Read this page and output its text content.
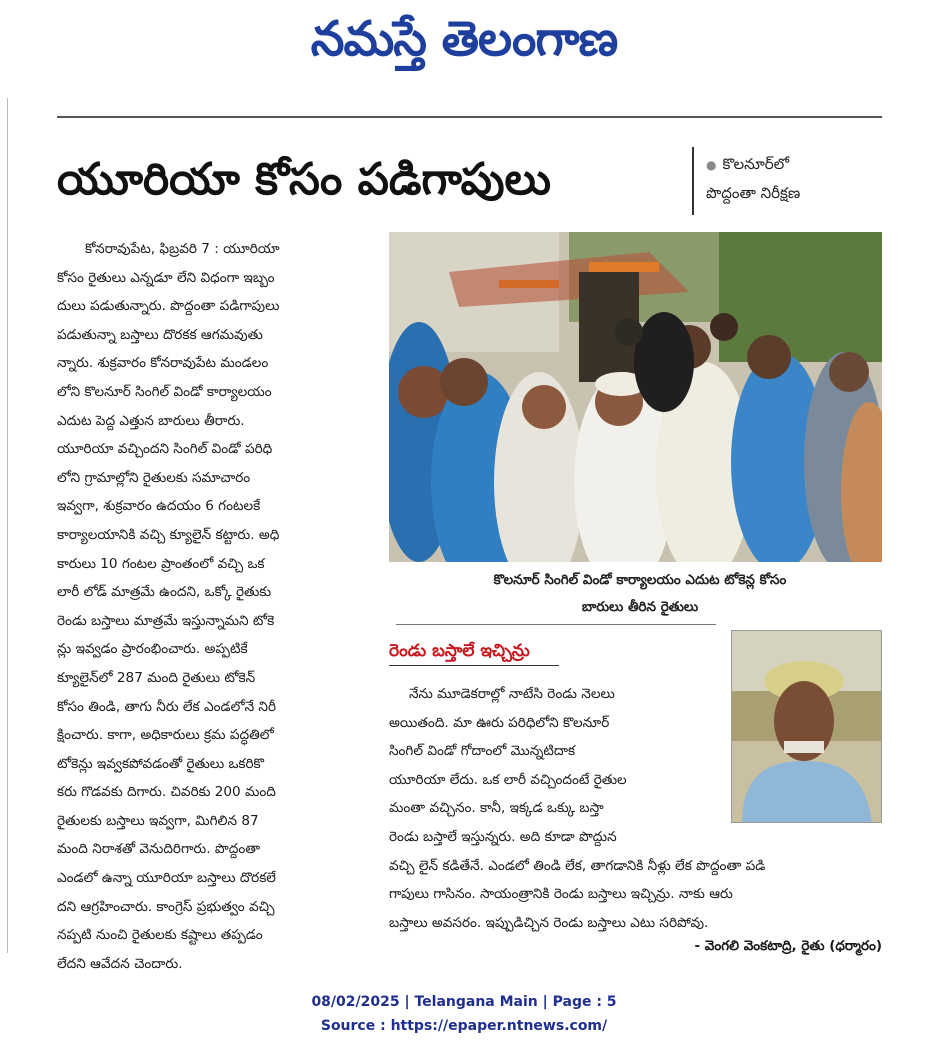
నమస్తే తెలంగాణ
యూరియా కోసం పడిగాపులు	● కొలనూర్‌లో
పొద్దంతా నిరీక్షణ
కోనరావుపేట, ఫిబ్రవరి 7 : యూరియా
కోసం రైతులు ఎన్నడూ లేని విధంగా ఇబ్బం
దులు పడుతున్నారు. పొద్దంతా పడిగాపులు
పడుతున్నా బస్తాలు దొరకక ఆగమవుతు
న్నారు. శుక్రవారం కోనరావుపేట మండలం
లోని కొలనూర్ సింగిల్ విండో కార్యాలయం
ఎదుట పెద్ద ఎత్తున బారులు తీరారు.
యూరియా వచ్చిందని సింగిల్ విండో పరిధి
లోని గ్రామాల్లోని రైతులకు సమాచారం
ఇవ్వగా, శుక్రవారం ఉదయం 6 గంటలకే
కార్యాలయానికి వచ్చి క్యూలైన్ కట్టారు. అధి
కారులు 10 గంటల ప్రాంతంలో వచ్చి ఒక
లారీ లోడ్ మాత్రమే ఉందని, ఒక్కో రైతుకు
రెండు బస్తాలు మాత్రమే ఇస్తున్నామని టోకె
న్లు ఇవ్వడం ప్రారంభించారు. అప్పటికే
క్యూలైన్‌లో 287 మంది రైతులు టోకెన్
కోసం తిండి, తాగు నీరు లేక ఎండలోనే నిరీ
క్షించారు. కాగా, అధికారులు క్రమ పద్ధతిలో
టోకెన్లు ఇవ్వకపోవడంతో రైతులు ఒకరికొ
కరు గొడవకు దిగారు. చివరికు 200 మంది
రైతులకు బస్తాలు ఇవ్వగా, మిగిలిన 87
మంది నిరాశతో వెనుదిరిగారు. పొద్దంతా
ఎండలో ఉన్నా యూరియా బస్తాలు దొరకలే
దని ఆగ్రహించారు. కాంగ్రెస్ ప్రభుత్వం వచ్చి
నప్పటి నుంచి రైతులకు కష్టాలు తప్పడం
లేదని ఆవేదన చెందారు.
కొలనూర్ సింగిల్ విండో కార్యాలయం ఎదుట టోకెన్ల కోసం
బారులు తీరిన రైతులు
రెండు బస్తాలే ఇచ్చిన్రు
నేను మూడెకరాల్లో నాటేసి రెండు నెలలు
అయితంది. మా ఊరు పరిధిలోని కొలనూర్
సింగిల్ విండో గోదాంలో మొన్నటిదాక
యూరియా లేదు. ఒక లారీ వచ్చిందంటే రైతుల
మంతా వచ్చినం. కానీ, ఇక్కడ ఒక్కు బస్తా
రెండు బస్తాలే ఇస్తున్నరు. అది కూడా పొద్దున
వచ్చి లైన్ కడితేనే. ఎండలో తిండి లేక, తాగడానికి నీళ్లు లేక పొద్దంతా పడి
గాపులు గాసినం. సాయంత్రానికి రెండు బస్తాలు ఇచ్చిన్రు. నాకు ఆరు
బస్తాలు అవసరం. ఇప్పుడిచ్చిన రెండు బస్తాలు ఎటు సరిపోవు.
- వెంగలి వెంకటాద్రి, రైతు (ధర్మారం)
08/02/2025 | Telangana Main | Page : 5
Source : https://epaper.ntnews.com/
